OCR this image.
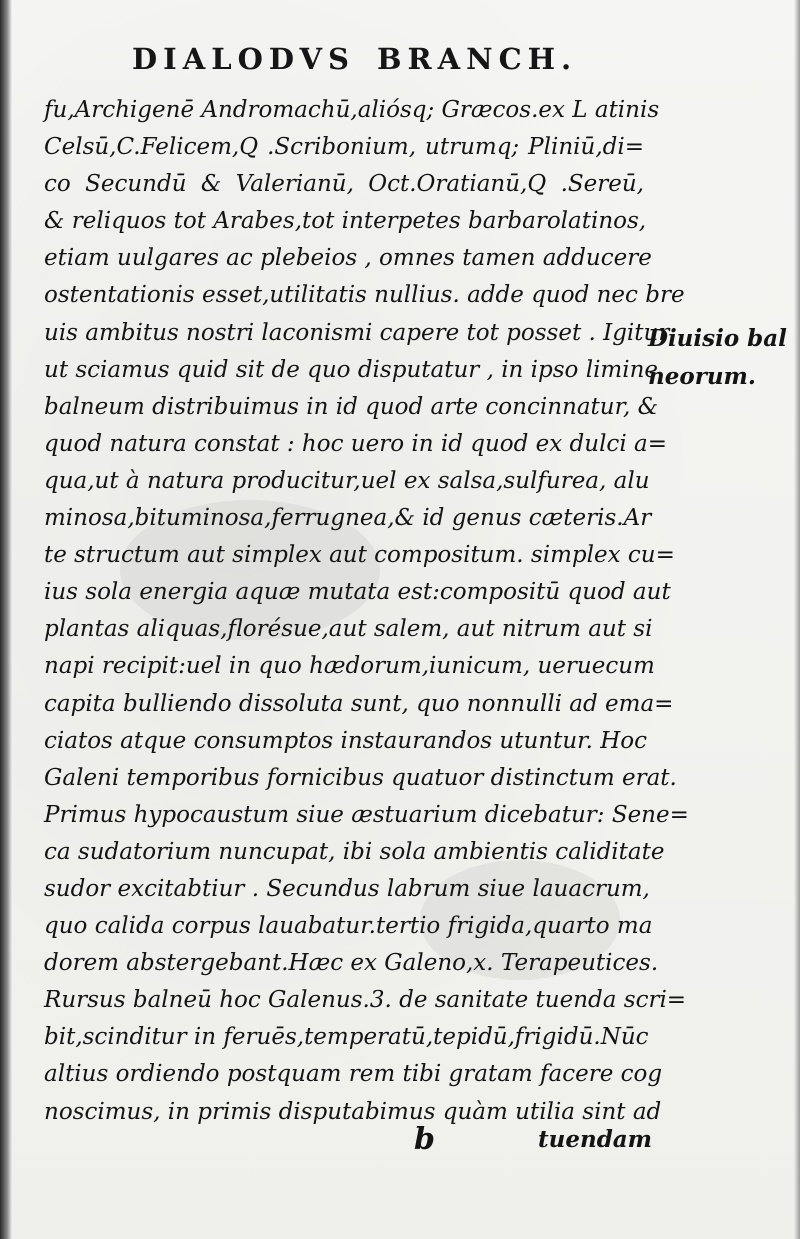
DIALODVS BRANCH.
fu,Archigenē Andromachū,aliósq; Græcos.ex L atinis
Celsū,C.Felicem,Q .Scribonium, utrumq; Pliniū,di=
co Secundū & Valerianū, Oct.Oratianū,Q .Sereū,
& reliquos tot Arabes,tot interpetes barbarolatinos,
etiam uulgares ac plebeios , omnes tamen adducere
ostentationis esset,utilitatis nullius. adde quod nec bre
uis ambitus nostri laconismi capere tot posset . Igitur
ut sciamus quid sit de quo disputatur , in ipso limine
balneum distribuimus in id quod arte concinnatur, &
quod natura constat : hoc uero in id quod ex dulci a=
qua,ut à natura producitur,uel ex salsa,sulfurea, alu
minosa,bituminosa,ferrugnea,& id genus cæteris.Ar
te structum aut simplex aut compositum. simplex cu=
ius sola energia aquæ mutata est:compositū quod aut
plantas aliquas,florésue,aut salem, aut nitrum aut si
napi recipit:uel in quo hædorum,iunicum, ueruecum
capita bulliendo dissoluta sunt, quo nonnulli ad ema=
ciatos atque consumptos instaurandos utuntur. Hoc
Galeni temporibus fornicibus quatuor distinctum erat.
Primus hypocaustum siue æstuarium dicebatur: Sene=
ca sudatorium nuncupat, ibi sola ambientis caliditate
sudor excitabtiur . Secundus labrum siue lauacrum,
quo calida corpus lauabatur.tertio frigida,quarto ma
dorem abstergebant.Hæc ex Galeno,x. Terapeutices.
Rursus balneū hoc Galenus.3. de sanitate tuenda scri=
bit,scinditur in feruēs,temperatū,tepidū,frigidū.Nūc
altius ordiendo postquam rem tibi gratam facere cog
noscimus, in primis disputabimus quàm utilia sint ad
Diuisio bal
neorum.
b	tuendam
